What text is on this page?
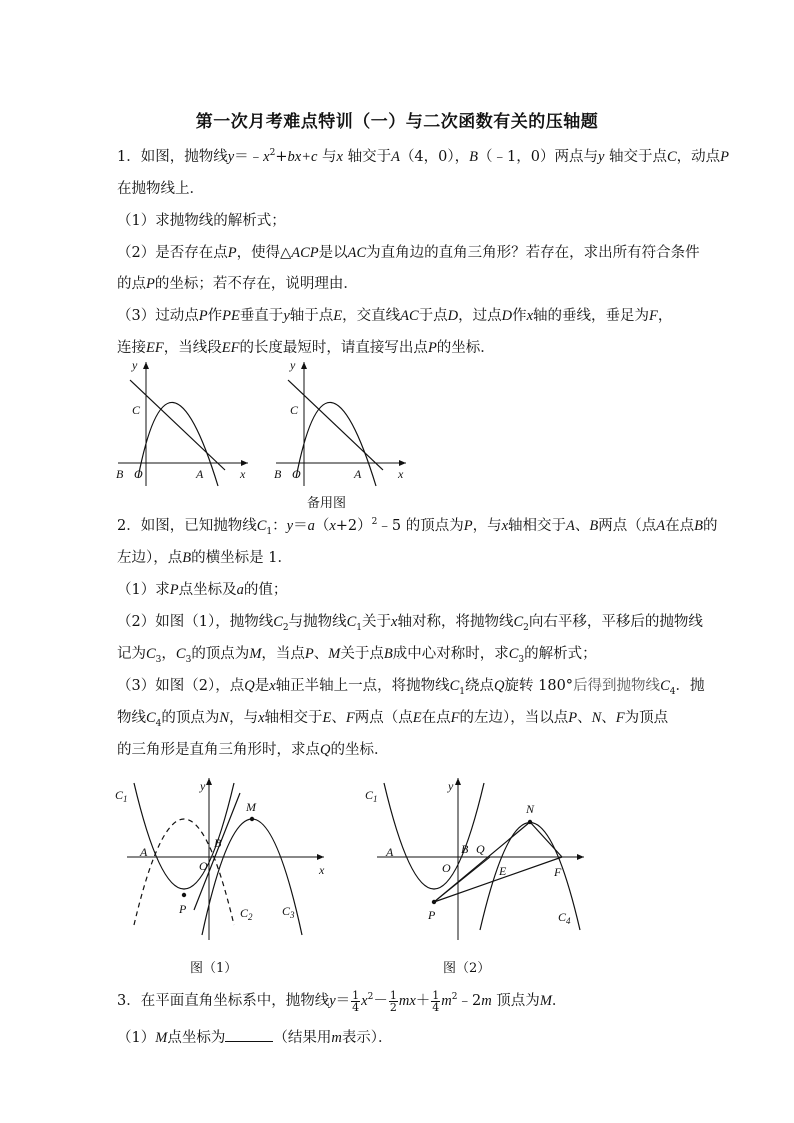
第一次月考难点特训（一）与二次函数有关的压轴题
1．如图，抛物线$y=﹣x^2+bx+c$ 与x 轴交于A（4，0），B（﹣1，0）两点与y 轴交于点C，动点P
在抛物线上．
（1）求抛物线的解析式；
（2）是否存在点P，使得△ACP是以AC为直角边的直角三角形？若存在，求出所有符合条件
的点P的坐标；若不存在，说明理由．
（3）过动点P作PE垂直于y轴于点E，交直线AC于点D，过点D作x轴的垂线，垂足为F，
连接EF，当线段EF的长度最短时，请直接写出点P的坐标．
y
x
C
B O	A
y
x
C
B O	A
备用图
2．如图，已知抛物线$C_1$：$y=a(x+2)^2﹣5$ 的顶点为P，与x轴相交于A、B两点（点A在点B的
左边），点B的横坐标是 1．
（1）求P点坐标及a的值；
（2）如图（1），抛物线$C_2$与抛物线$C_1$关于x轴对称，将抛物线$C_2$向右平移，平移后的抛物线
记为$C_3$，$C_3$的顶点为M，当点P、M关于点B成中心对称时，求$C_3$的解析式；
（3）如图（2），点Q是x轴正半轴上一点，将抛物线$C_1$绕点Q旋转 180°后得到抛物线$C_4$．抛
物线$C_4$的顶点为N，与x轴相交于E、F两点（点E在点F的左边），当以点P、N、F为顶点
的三角形是直角三角形时，求点Q的坐标．
$C_1$
y
M
B
A
O	x
P	$C_2$ $C_3$
图（1）
$C_1$
y
N
A	B Q
O	E	F
P	$C_4$
图（2）
3．在平面直角坐标系中，抛物线$y= \frac{1}{4} x^2- \frac{1}{2} mx+ \frac{1}{4}$ $m^2﹣2m$ 顶点为M．
（1）M点坐标为	（结果用m表示）．
